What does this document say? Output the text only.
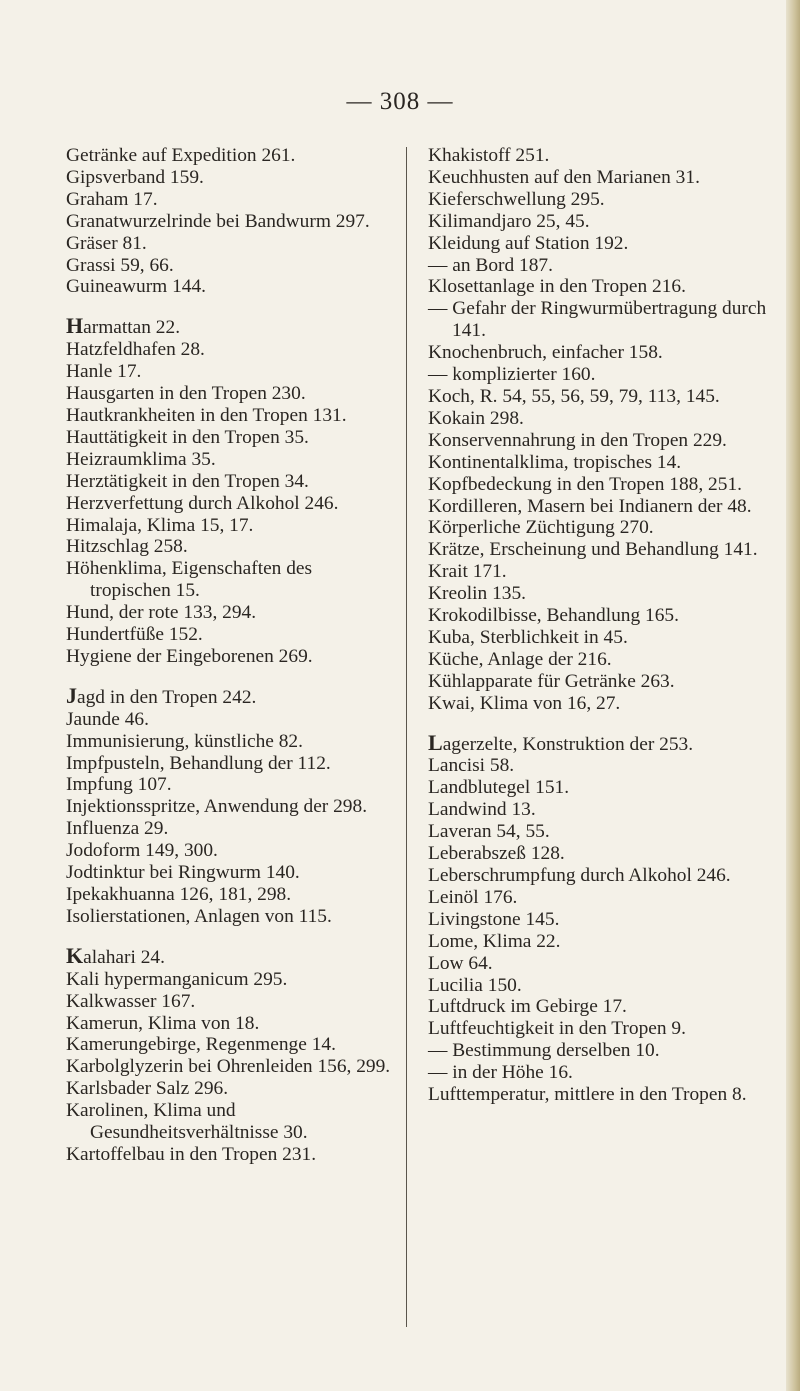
— 308 —
Getränke auf Expedition 261.
Gipsverband 159.
Graham 17.
Granatwurzelrinde bei Bandwurm 297.
Gräser 81.
Grassi 59, 66.
Guineawurm 144.
Harmattan 22.
Hatzfeldhafen 28.
Hanle 17.
Hausgarten in den Tropen 230.
Hautkrankheiten in den Tropen 131.
Hauttätigkeit in den Tropen 35.
Heizraumklima 35.
Herztätigkeit in den Tropen 34.
Herzverfettung durch Alkohol 246.
Himalaja, Klima 15, 17.
Hitzschlag 258.
Höhenklima, Eigenschaften des tropischen 15.
Hund, der rote 133, 294.
Hundertfüße 152.
Hygiene der Eingeborenen 269.
Jagd in den Tropen 242.
Jaunde 46.
Immunisierung, künstliche 82.
Impfpusteln, Behandlung der 112.
Impfung 107.
Injektionsspritze, Anwendung der 298.
Influenza 29.
Jodoform 149, 300.
Jodtinktur bei Ringwurm 140.
Ipekakhuanna 126, 181, 298.
Isolierstationen, Anlagen von 115.
Kalahari 24.
Kali hypermanganicum 295.
Kalkwasser 167.
Kamerun, Klima von 18.
Kamerungebirge, Regenmenge 14.
Karbolglyzerin bei Ohrenleiden 156, 299.
Karlsbader Salz 296.
Karolinen, Klima und Gesundheitsverhältnisse 30.
Kartoffelbau in den Tropen 231.
Khakistoff 251.
Keuchhusten auf den Marianen 31.
Kieferschwellung 295.
Kilimandjaro 25, 45.
Kleidung auf Station 192.
— an Bord 187.
Klosettanlage in den Tropen 216.
— Gefahr der Ringwurmübertragung durch 141.
Knochenbruch, einfacher 158.
— komplizierter 160.
Koch, R. 54, 55, 56, 59, 79, 113, 145.
Kokain 298.
Konservennahrung in den Tropen 229.
Kontinentalklima, tropisches 14.
Kopfbedeckung in den Tropen 188, 251.
Kordilleren, Masern bei Indianern der 48.
Körperliche Züchtigung 270.
Krätze, Erscheinung und Behandlung 141.
Krait 171.
Kreolin 135.
Krokodilbisse, Behandlung 165.
Kuba, Sterblichkeit in 45.
Küche, Anlage der 216.
Kühlapparate für Getränke 263.
Kwai, Klima von 16, 27.
Lagerzelte, Konstruktion der 253.
Lancisi 58.
Landblutegel 151.
Landwind 13.
Laveran 54, 55.
Leberabszeß 128.
Leberschrumpfung durch Alkohol 246.
Leinöl 176.
Livingstone 145.
Lome, Klima 22.
Low 64.
Lucilia 150.
Luftdruck im Gebirge 17.
Luftfeuchtigkeit in den Tropen 9.
— Bestimmung derselben 10.
— in der Höhe 16.
Lufttemperatur, mittlere in den Tropen 8.
